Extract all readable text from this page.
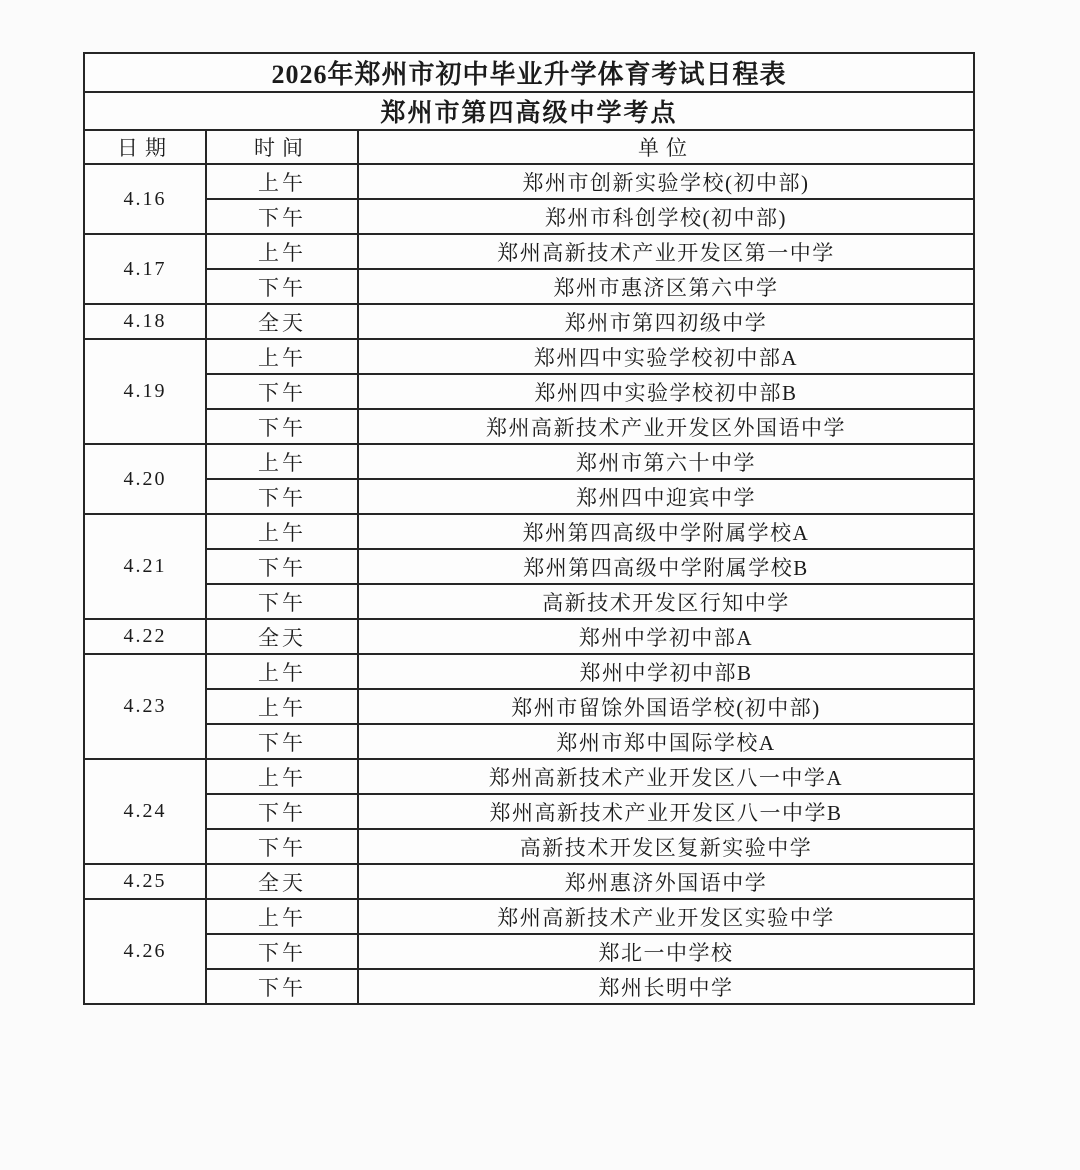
2026年郑州市初中毕业升学体育考试日程表		
郑州市第四高级中学考点		
日期	时间	单位
4.16	上午	郑州市创新实验学校(初中部)
	下午	郑州市科创学校(初中部)
4.17	上午	郑州高新技术产业开发区第一中学
	下午	郑州市惠济区第六中学
4.18	全天	郑州市第四初级中学
4.19	上午	郑州四中实验学校初中部A
	下午	郑州四中实验学校初中部B
	下午	郑州高新技术产业开发区外国语中学
4.20	上午	郑州市第六十中学
	下午	郑州四中迎宾中学
4.21	上午	郑州第四高级中学附属学校A
	下午	郑州第四高级中学附属学校B
	下午	高新技术开发区行知中学
4.22	全天	郑州中学初中部A
4.23	上午	郑州中学初中部B
	上午	郑州市留馀外国语学校(初中部)
	下午	郑州市郑中国际学校A
4.24	上午	郑州高新技术产业开发区八一中学A
	下午	郑州高新技术产业开发区八一中学B
	下午	高新技术开发区复新实验中学
4.25	全天	郑州惠济外国语中学
4.26	上午	郑州高新技术产业开发区实验中学
	下午	郑北一中学校
	下午	郑州长明中学
